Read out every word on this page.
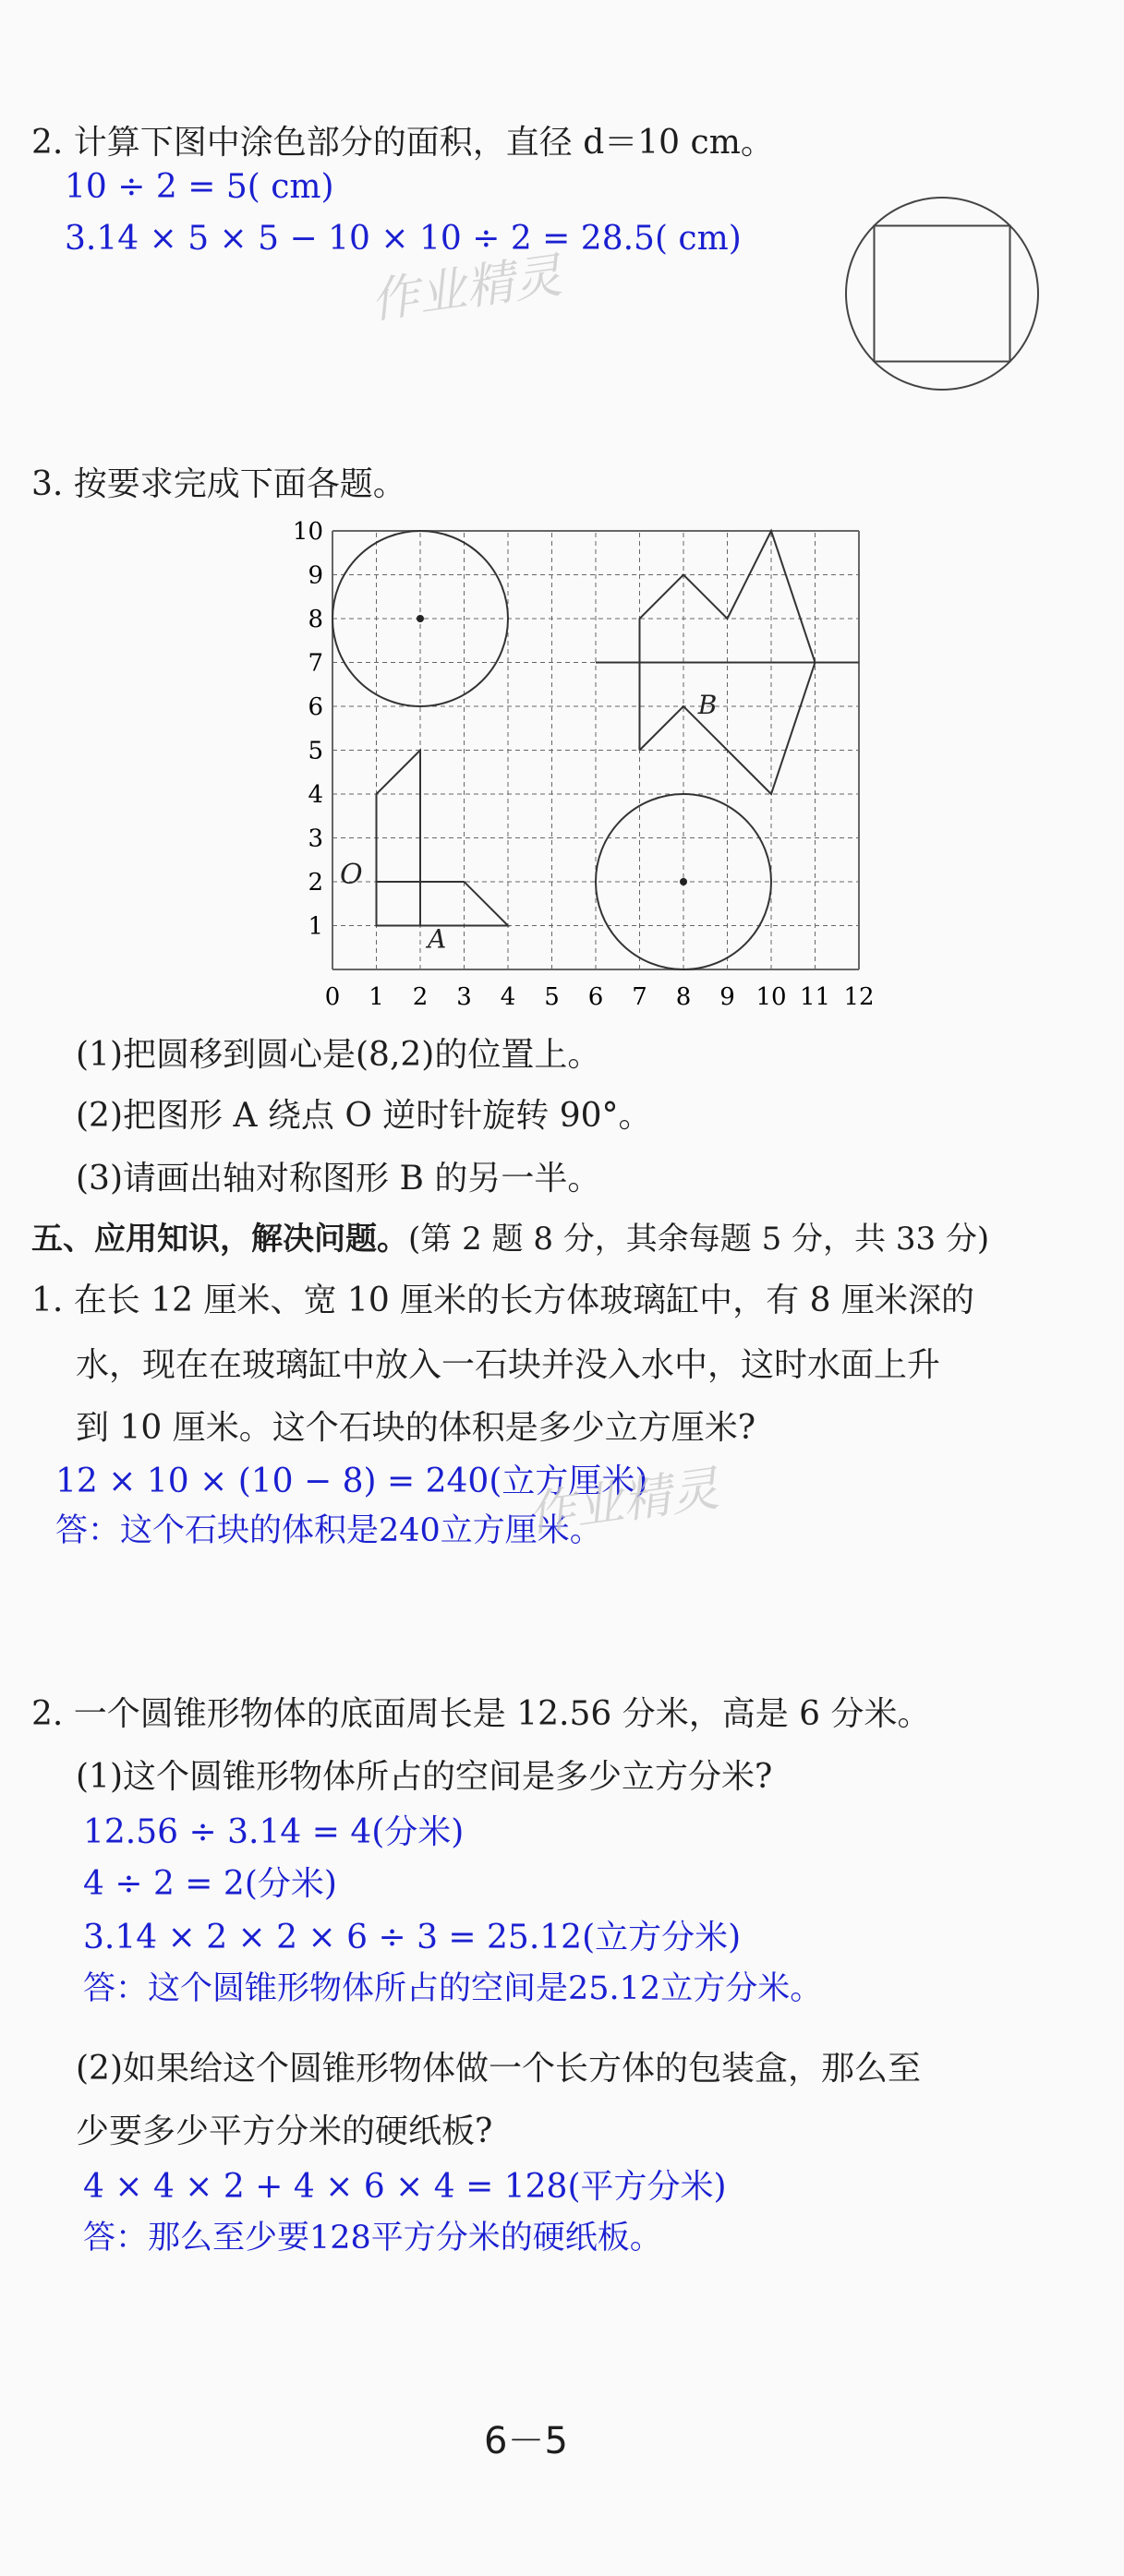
2. 计算下图中涂色部分的面积，直径 d＝10 cm。
10 ÷ 2 = 5( cm)
3.14 × 5 × 5 − 10 × 10 ÷ 2 = 28.5( cm)
作业精灵
3. 按要求完成下面各题。
0 1 2 3 4 5 6 7 8 9 10 11 12
1
2
3
4
5
6
7
8
9
10
O
A
B
(1)把圆移到圆心是(8,2)的位置上。
(2)把图形 A 绕点 O 逆时针旋转 90°。
(3)请画出轴对称图形 B 的另一半。
五、应用知识，解决问题。(第 2 题 8 分，其余每题 5 分，共 33 分)
1. 在长 12 厘米、宽 10 厘米的长方体玻璃缸中，有 8 厘米深的
水，现在在玻璃缸中放入一石块并没入水中，这时水面上升
到 10 厘米。这个石块的体积是多少立方厘米?
12 × 10 × (10 − 8) = 240(立方厘米)
答：这个石块的体积是240立方厘米。
作业精灵
2. 一个圆锥形物体的底面周长是 12.56 分米，高是 6 分米。
(1)这个圆锥形物体所占的空间是多少立方分米?
12.56 ÷ 3.14 = 4(分米)
4 ÷ 2 = 2(分米)
3.14 × 2 × 2 × 6 ÷ 3 = 25.12(立方分米)
答：这个圆锥形物体所占的空间是25.12立方分米。
(2)如果给这个圆锥形物体做一个长方体的包装盒，那么至
少要多少平方分米的硬纸板?
4 × 4 × 2 + 4 × 6 × 4 = 128(平方分米)
答：那么至少要128平方分米的硬纸板。
6－5
